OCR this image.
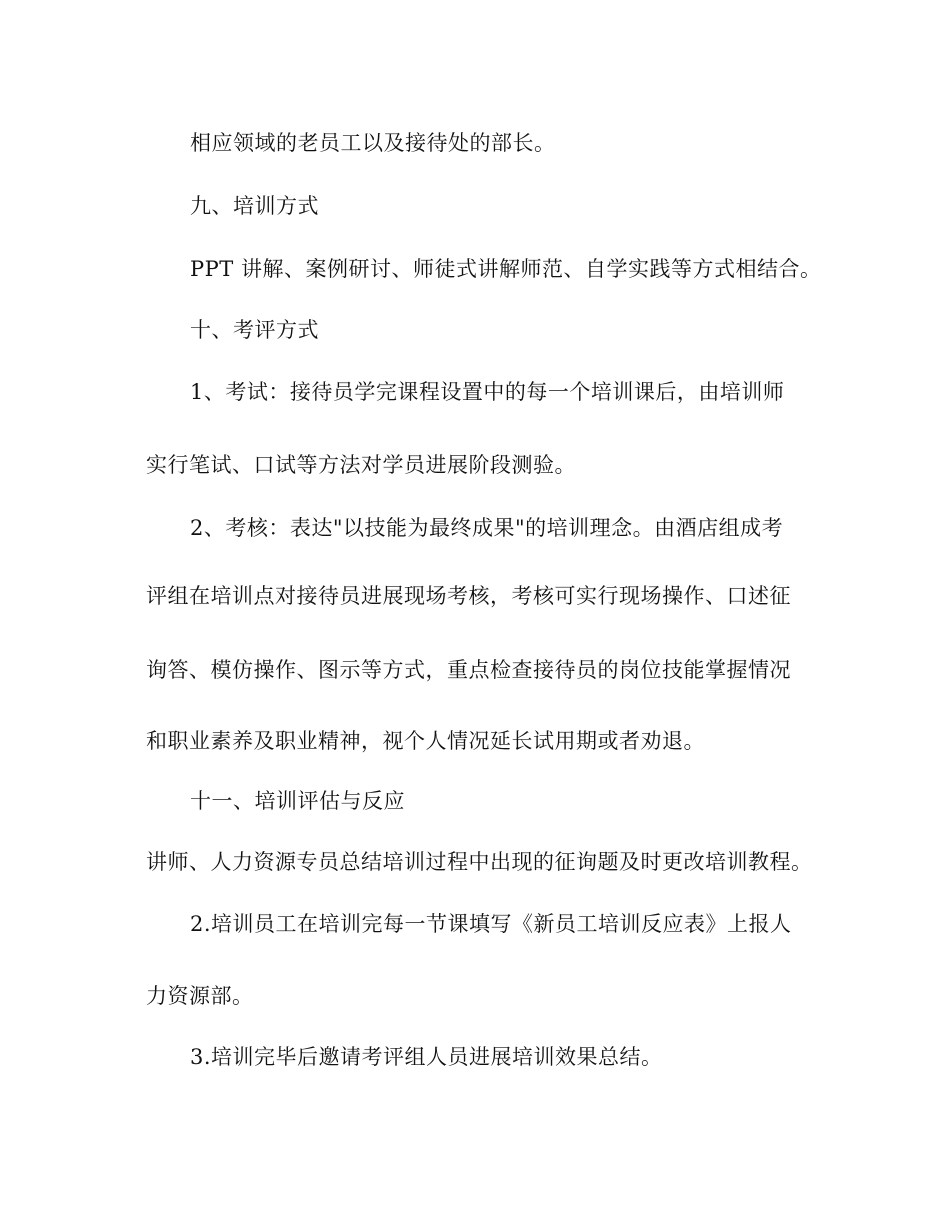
相应领域的老员工以及接待处的部长。
九、培训方式
PPT 讲解、案例研讨、师徒式讲解师范、自学实践等方式相结合。
十、考评方式
1、考试：接待员学完课程设置中的每一个培训课后，由培训师
实行笔试、口试等方法对学员进展阶段测验。
2、考核：表达"以技能为最终成果"的培训理念。由酒店组成考
评组在培训点对接待员进展现场考核，考核可实行现场操作、口述征
询答、模仿操作、图示等方式，重点检查接待员的岗位技能掌握情况
和职业素养及职业精神，视个人情况延长试用期或者劝退。
十一、培训评估与反应
讲师、人力资源专员总结培训过程中出现的征询题及时更改培训教程。
2.培训员工在培训完每一节课填写《新员工培训反应表》上报人
力资源部。
3.培训完毕后邀请考评组人员进展培训效果总结。
